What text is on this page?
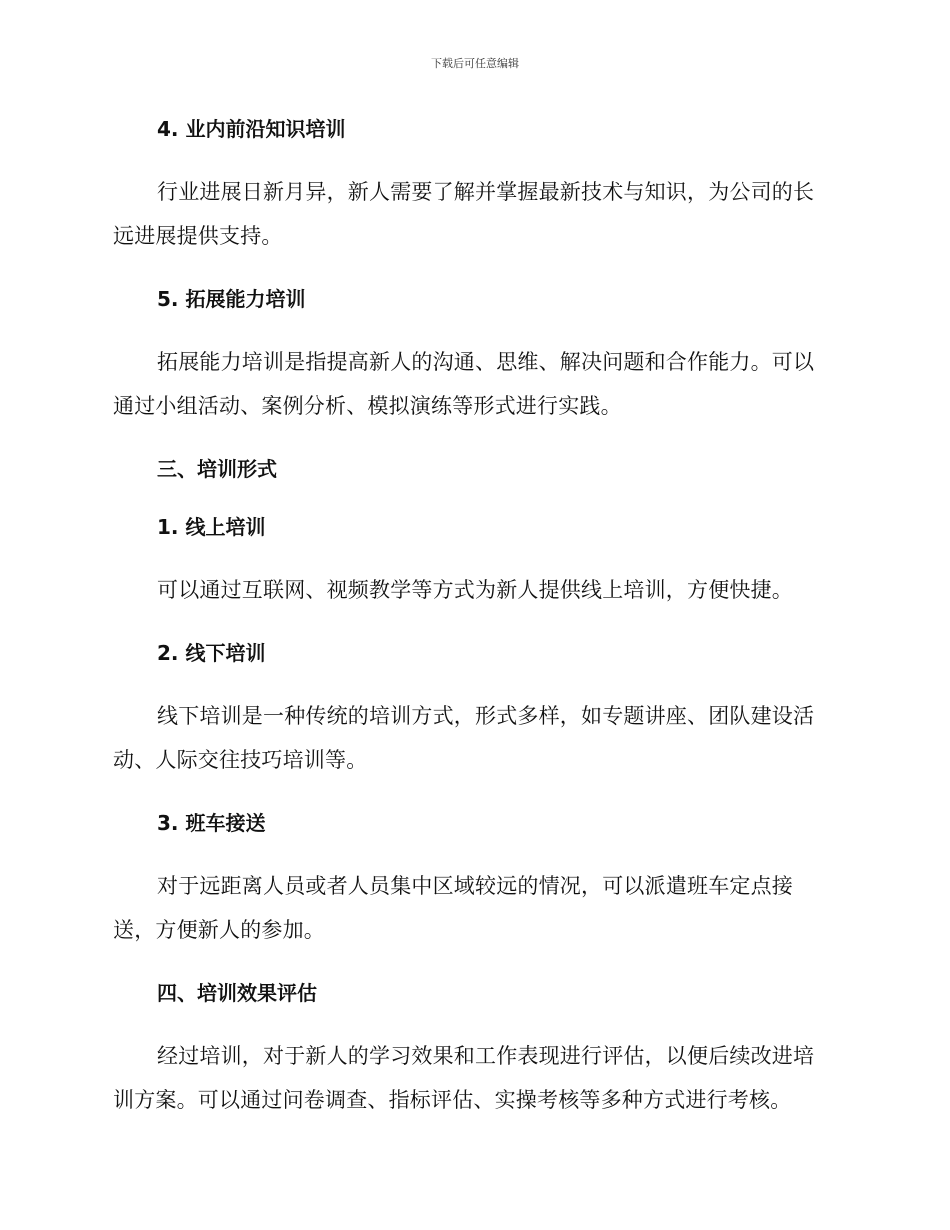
下载后可任意编辑
4. 业内前沿知识培训

行业进展日新月异，新人需要了解并掌握最新技术与知识，为公司的长远进展提供支持。

5. 拓展能力培训

拓展能力培训是指提高新人的沟通、思维、解决问题和合作能力。可以通过小组活动、案例分析、模拟演练等形式进行实践。

三、培训形式
1. 线上培训

可以通过互联网、视频教学等方式为新人提供线上培训，方便快捷。

2. 线下培训

线下培训是一种传统的培训方式，形式多样，如专题讲座、团队建设活动、人际交往技巧培训等。

3. 班车接送

对于远距离人员或者人员集中区域较远的情况，可以派遣班车定点接送，方便新人的参加。

四、培训效果评估

经过培训，对于新人的学习效果和工作表现进行评估，以便后续改进培训方案。可以通过问卷调查、指标评估、实操考核等多种方式进行考核。
